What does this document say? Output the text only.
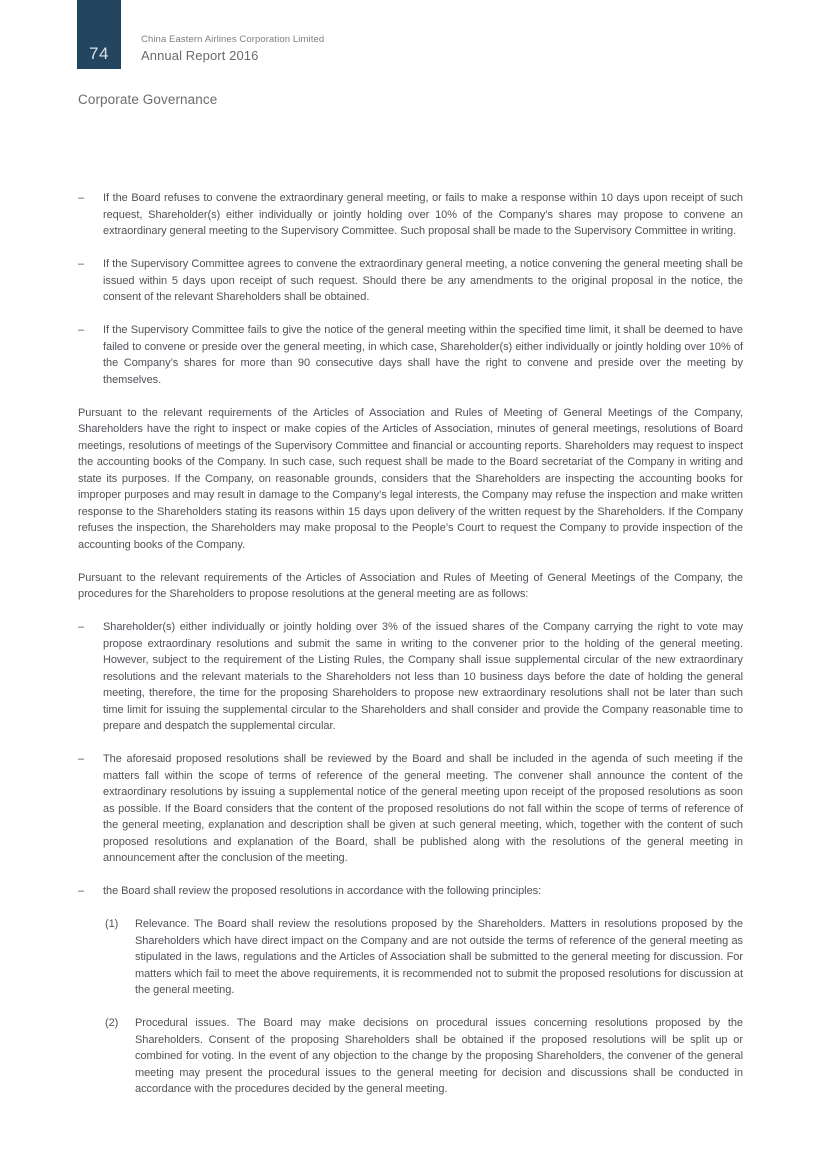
74
China Eastern Airlines Corporation Limited
Annual Report 2016
Corporate Governance
–	If the Board refuses to convene the extraordinary general meeting, or fails to make a response within 10 days upon receipt of such request, Shareholder(s) either individually or jointly holding over 10% of the Company’s shares may propose to convene an extraordinary general meeting to the Supervisory Committee. Such proposal shall be made to the Supervisory Committee in writing.
–	If the Supervisory Committee agrees to convene the extraordinary general meeting, a notice convening the general meeting shall be issued within 5 days upon receipt of such request. Should there be any amendments to the original proposal in the notice, the consent of the relevant Shareholders shall be obtained.
–	If the Supervisory Committee fails to give the notice of the general meeting within the specified time limit, it shall be deemed to have failed to convene or preside over the general meeting, in which case, Shareholder(s) either individually or jointly holding over 10% of the Company’s shares for more than 90 consecutive days shall have the right to convene and preside over the meeting by themselves.
Pursuant to the relevant requirements of the Articles of Association and Rules of Meeting of General Meetings of the Company, Shareholders have the right to inspect or make copies of the Articles of Association, minutes of general meetings, resolutions of Board meetings, resolutions of meetings of the Supervisory Committee and financial or accounting reports. Shareholders may request to inspect the accounting books of the Company. In such case, such request shall be made to the Board secretariat of the Company in writing and state its purposes. If the Company, on reasonable grounds, considers that the Shareholders are inspecting the accounting books for improper purposes and may result in damage to the Company’s legal interests, the Company may refuse the inspection and make written response to the Shareholders stating its reasons within 15 days upon delivery of the written request by the Shareholders. If the Company refuses the inspection, the Shareholders may make proposal to the People’s Court to request the Company to provide inspection of the accounting books of the Company.
Pursuant to the relevant requirements of the Articles of Association and Rules of Meeting of General Meetings of the Company, the procedures for the Shareholders to propose resolutions at the general meeting are as follows:
–	Shareholder(s) either individually or jointly holding over 3% of the issued shares of the Company carrying the right to vote may propose extraordinary resolutions and submit the same in writing to the convener prior to the holding of the general meeting. However, subject to the requirement of the Listing Rules, the Company shall issue supplemental circular of the new extraordinary resolutions and the relevant materials to the Shareholders not less than 10 business days before the date of holding the general meeting, therefore, the time for the proposing Shareholders to propose new extraordinary resolutions shall not be later than such time limit for issuing the supplemental circular to the Shareholders and shall consider and provide the Company reasonable time to prepare and despatch the supplemental circular.
–	The aforesaid proposed resolutions shall be reviewed by the Board and shall be included in the agenda of such meeting if the matters fall within the scope of terms of reference of the general meeting. The convener shall announce the content of the extraordinary resolutions by issuing a supplemental notice of the general meeting upon receipt of the proposed resolutions as soon as possible. If the Board considers that the content of the proposed resolutions do not fall within the scope of terms of reference of the general meeting, explanation and description shall be given at such general meeting, which, together with the content of such proposed resolutions and explanation of the Board, shall be published along with the resolutions of the general meeting in announcement after the conclusion of the meeting.
–	the Board shall review the proposed resolutions in accordance with the following principles:
(1)	Relevance. The Board shall review the resolutions proposed by the Shareholders. Matters in resolutions proposed by the Shareholders which have direct impact on the Company and are not outside the terms of reference of the general meeting as stipulated in the laws, regulations and the Articles of Association shall be submitted to the general meeting for discussion. For matters which fail to meet the above requirements, it is recommended not to submit the proposed resolutions for discussion at the general meeting.
(2)	Procedural issues. The Board may make decisions on procedural issues concerning resolutions proposed by the Shareholders. Consent of the proposing Shareholders shall be obtained if the proposed resolutions will be split up or combined for voting. In the event of any objection to the change by the proposing Shareholders, the convener of the general meeting may present the procedural issues to the general meeting for decision and discussions shall be conducted in accordance with the procedures decided by the general meeting.
